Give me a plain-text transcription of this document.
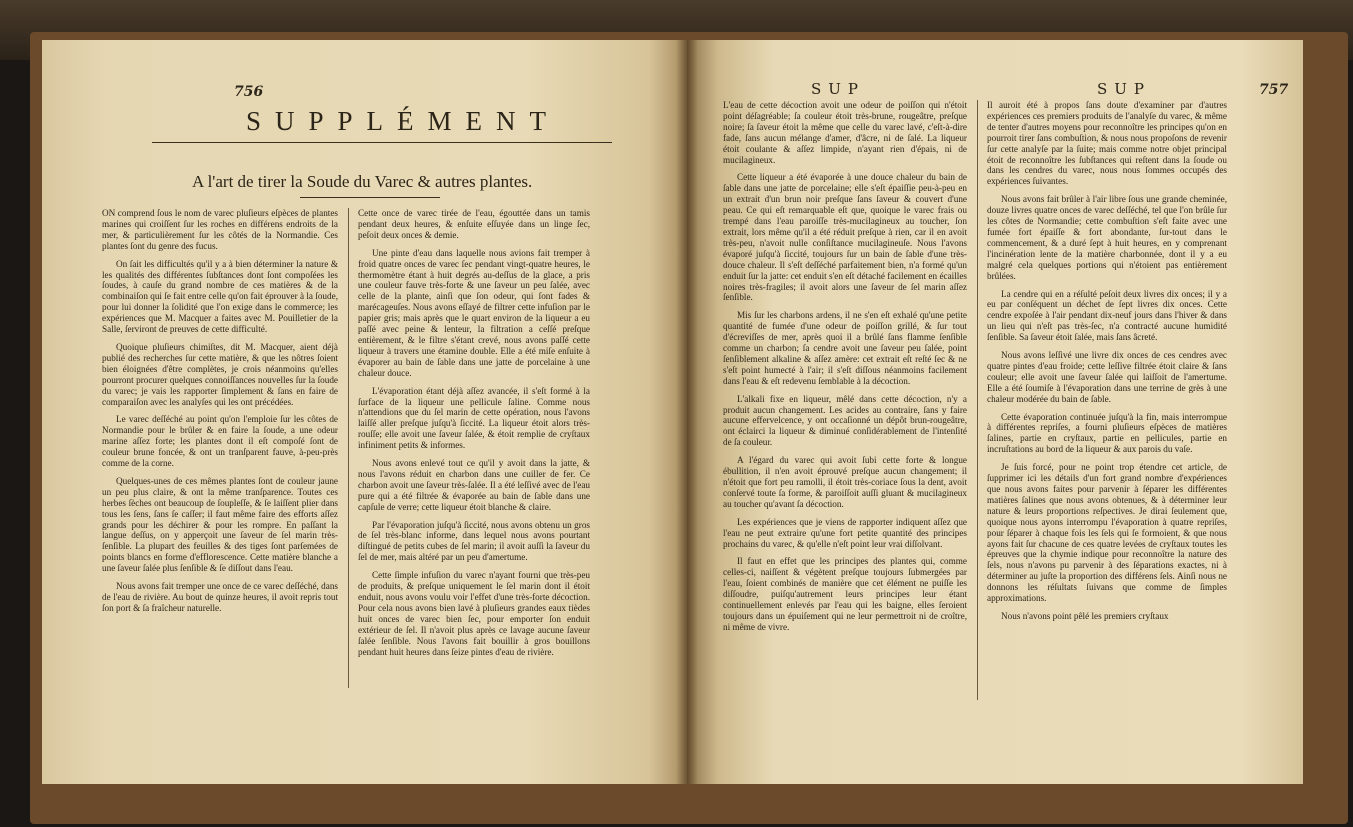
756
SUPPLÉMENT
A l'art de tirer la Soude du Varec & autres plantes.

ON comprend ſous le nom de varec pluſieurs eſpèces de plantes marines qui croiſſent ſur les roches en différens endroits de la mer, & particulièrement ſur les côtés de la Normandie. Ces plantes ſont du genre des fucus.

On ſait les difficultés qu'il y a à bien déterminer la nature & les qualités des différentes ſubſtances dont ſont compoſées les ſoudes, à cauſe du grand nombre de ces matières & de la combinaiſon qui ſe fait entre celle qu'on fait éprouver à la ſoude, pour lui donner la ſolidité que l'on exige dans le commerce; les expériences que M. Macquer a faites avec M. Pouilletier de la Salle, ſerviront de preuves de cette difficulté.

Quoique pluſieurs chimiſtes, dit M. Macquer, aient déjà publié des recherches ſur cette matière, & que les nôtres ſoient bien éloignées d'être complètes, je crois néanmoins qu'elles pourront procurer quelques connoiſſances nouvelles ſur la ſoude du varec; je vais les rapporter ſimplement & ſans en faire de comparaiſon avec les analyſes qui les ont précédées.

Le varec deſſéché au point qu'on l'emploie ſur les côtes de Normandie pour le brûler & en faire la ſoude, a une odeur marine aſſez forte; les plantes dont il eſt compoſé ſont de couleur brune foncée, & ont un tranſparent fauve, à-peu-près comme de la corne.

Quelques-unes de ces mêmes plantes ſont de couleur jaune un peu plus claire, & ont la même tranſparence. Toutes ces herbes ſèches ont beaucoup de ſoupleſſe, & ſe laiſſent plier dans tous les ſens, ſans ſe caſſer; il faut même faire des efforts aſſez grands pour les déchirer & pour les rompre. En paſſant la langue deſſus, on y apperçoit une ſaveur de ſel marin très-ſenſible. La plupart des feuilles & des tiges ſont parſemées de points blancs en forme d'efflorescence. Cette matière blanche a une ſaveur ſalée plus ſenſible & ſe diſſout dans l'eau.

Nous avons fait tremper une once de ce varec deſſéché, dans de l'eau de rivière. Au bout de quinze heures, il avoit repris tout ſon port & ſa fraîcheur naturelle.

Cette once de varec tirée de l'eau, égouttée dans un tamis pendant deux heures, & enſuite eſſuyée dans un linge ſec, peſoit deux onces & demie.

Une pinte d'eau dans laquelle nous avions fait tremper à froid quatre onces de varec ſec pendant vingt-quatre heures, le thermomètre étant à huit degrés au-deſſus de la glace, a pris une couleur fauve très-forte & une ſaveur un peu ſalée, avec celle de la plante, ainſi que ſon odeur, qui ſont fades & marécageuſes. Nous avons eſſayé de filtrer cette infuſion par le papier gris; mais après que le quart environ de la liqueur a eu paſſé avec peine & lenteur, la filtration a ceſſé preſque entièrement, & le filtre s'étant crevé, nous avons paſſé cette liqueur à travers une étamine double. Elle a été miſe enſuite à évaporer au bain de ſable dans une jatte de porcelaine à une chaleur douce.

L'évaporation étant déjà aſſez avancée, il s'eſt formé à la ſurface de la liqueur une pellicule ſaline. Comme nous n'attendions que du ſel marin de cette opération, nous l'avons laiſſé aller preſque juſqu'à ſiccité. La liqueur étoit alors très-rouſſe; elle avoit une ſaveur ſalée, & étoit remplie de cryſtaux infiniment petits & informes.

Nous avons enlevé tout ce qu'il y avoit dans la jatte, & nous l'avons réduit en charbon dans une cuiller de fer. Ce charbon avoit une ſaveur très-ſalée. Il a été leſſivé avec de l'eau pure qui a été filtrée & évaporée au bain de ſable dans une capſule de verre; cette liqueur étoit blanche & claire.

Par l'évaporation juſqu'à ſiccité, nous avons obtenu un gros de ſel très-blanc informe, dans lequel nous avons pourtant diſtingué de petits cubes de ſel marin; il avoit auſſi la ſaveur du ſel de mer, mais altéré par un peu d'amertume.

Cette ſimple infuſion du varec n'ayant fourni que très-peu de produits, & preſque uniquement le ſel marin dont il étoit enduit, nous avons voulu voir l'effet d'une très-forte décoction. Pour cela nous avons bien lavé à pluſieurs grandes eaux tièdes huit onces de varec bien ſec, pour emporter ſon enduit extérieur de ſel. Il n'avoit plus après ce lavage aucune ſaveur ſalée ſenſible. Nous l'avons fait bouillir à gros bouillons pendant huit heures dans ſeize pintes d'eau de rivière.

SUP	SUP	757

L'eau de cette décoction avoit une odeur de poiſſon qui n'étoit point déſagréable; ſa couleur étoit très-brune, rougeâtre, preſque noire; ſa ſaveur étoit la même que celle du varec lavé, c'eſt-à-dire fade, ſans aucun mélange d'amer, d'âcre, ni de ſalé. La liqueur étoit coulante & aſſez limpide, n'ayant rien d'épais, ni de mucilagineux.

Cette liqueur a été évaporée à une douce chaleur du bain de ſable dans une jatte de porcelaine; elle s'eſt épaiſſie peu-à-peu en un extrait d'un brun noir preſque ſans ſaveur & couvert d'une peau. Ce qui eſt remarquable eſt que, quoique le varec frais ou trempé dans l'eau paroiſſe très-mucilagineux au toucher, ſon extrait, lors même qu'il a été réduit preſque à rien, car il en avoit très-peu, n'avoit nulle conſiſtance mucilagineuſe. Nous l'avons évaporé juſqu'à ſiccité, toujours ſur un bain de ſable d'une très-douce chaleur. Il s'eſt deſſéché parfaitement bien, n'a formé qu'un enduit ſur la jatte: cet enduit s'en eſt détaché facilement en écailles noires très-fragiles; il avoit alors une ſaveur de ſel marin aſſez ſenſible.

Mis ſur les charbons ardens, il ne s'en eſt exhalé qu'une petite quantité de fumée d'une odeur de poiſſon grillé, & ſur tout d'écreviſſes de mer, après quoi il a brûlé ſans flamme ſenſible comme un charbon; ſa cendre avoit une ſaveur peu ſalée, point ſenſiblement alkaline & aſſez amère: cet extrait eſt reſté ſec & ne s'eſt point humecté à l'air; il s'eſt diſſous néanmoins facilement dans l'eau & eſt redevenu ſemblable à la décoction.

L'alkali fixe en liqueur, mêlé dans cette décoction, n'y a produit aucun changement. Les acides au contraire, ſans y faire aucune effervelcence, y ont occaſionné un dépôt brun-rougeâtre, ont éclairci la liqueur & diminué conſidérablement de l'intenſité de ſa couleur.

A l'égard du varec qui avoit ſubi cette forte & longue ébullition, il n'en avoit éprouvé preſque aucun changement; il n'étoit que fort peu ramolli, il étoit très-coriace ſous la dent, avoit conſervé toute ſa forme, & paroiſſoit auſſi gluant & mucilagineux au toucher qu'avant ſa décoction.

Les expériences que je viens de rapporter indiquent aſſez que l'eau ne peut extraire qu'une fort petite quantité des principes prochains du varec, & qu'elle n'eſt point leur vrai diſſolvant.

Il faut en effet que les principes des plantes qui, comme celles-ci, naiſſent & végètent preſque toujours ſubmergées par l'eau, ſoient combinés de manière que cet élément ne puiſſe les diſſoudre, puiſqu'autrement leurs principes leur étant continuellement enlevés par l'eau qui les baigne, elles ſeroient toujours dans un épuiſement qui ne leur permettroit ni de croître, ni même de vivre.

Il auroit été à propos ſans doute d'examiner par d'autres expériences ces premiers produits de l'analyſe du varec, & même de tenter d'autres moyens pour reconnoître les principes qu'on en pourroit tirer ſans combuſtion, & nous nous propoſons de revenir ſur cette analyſe par la ſuite; mais comme notre objet principal étoit de reconnoître les ſubſtances qui reſtent dans la ſoude ou dans les cendres du varec, nous nous ſommes occupés des expériences ſuivantes.

Nous avons fait brûler à l'air libre ſous une grande cheminée, douze livres quatre onces de varec deſſéché, tel que l'on brûle ſur les côtes de Normandie; cette combuſtion s'eſt faite avec une fumée fort épaiſſe & fort abondante, ſur-tout dans le commencement, & a duré ſept à huit heures, en y comprenant l'incinération lente de la matière charbonnée, dont il y a eu malgré cela quelques portions qui n'étoient pas entièrement brûlées.

La cendre qui en a réſulté peſoit deux livres dix onces; il y a eu par conſéquent un déchet de ſept livres dix onces. Cette cendre expoſée à l'air pendant dix-neuf jours dans l'hiver & dans un lieu qui n'eſt pas très-ſec, n'a contracté aucune humidité ſenſible. Sa ſaveur étoit ſalée, mais ſans âcreté.

Nous avons leſſivé une livre dix onces de ces cendres avec quatre pintes d'eau froide; cette leſſive filtrée étoit claire & ſans couleur; elle avoit une ſaveur ſalée qui laiſſoit de l'amertume. Elle a été ſoumiſe à l'évaporation dans une terrine de grès à une chaleur modérée du bain de ſable.

Cette évaporation continuée juſqu'à la fin, mais interrompue à différentes repriſes, a fourni pluſieurs eſpèces de matières ſalines, partie en cryſtaux, partie en pellicules, partie en incruſtations au bord de la liqueur & aux parois du vaſe.

Je ſuis forcé, pour ne point trop étendre cet article, de ſupprimer ici les détails d'un fort grand nombre d'expériences que nous avons faites pour parvenir à ſéparer les différentes matières ſalines que nous avons obtenues, & à déterminer leur nature & leurs proportions reſpectives. Je dirai ſeulement que, quoique nous ayons interrompu l'évaporation à quatre repriſes, pour ſéparer à chaque fois les ſels qui ſe formoient, & que nous ayons fait ſur chacune de ces quatre levées de cryſtaux toutes les épreuves que la chymie indique pour reconnoître la nature des ſels, nous n'avons pu parvenir à des ſéparations exactes, ni à déterminer au juſte la proportion des différens ſels. Ainſi nous ne donnons les réſultats ſuivans que comme de ſimples approximations.

Nous n'avons point pêlé les premiers cryſtaux
